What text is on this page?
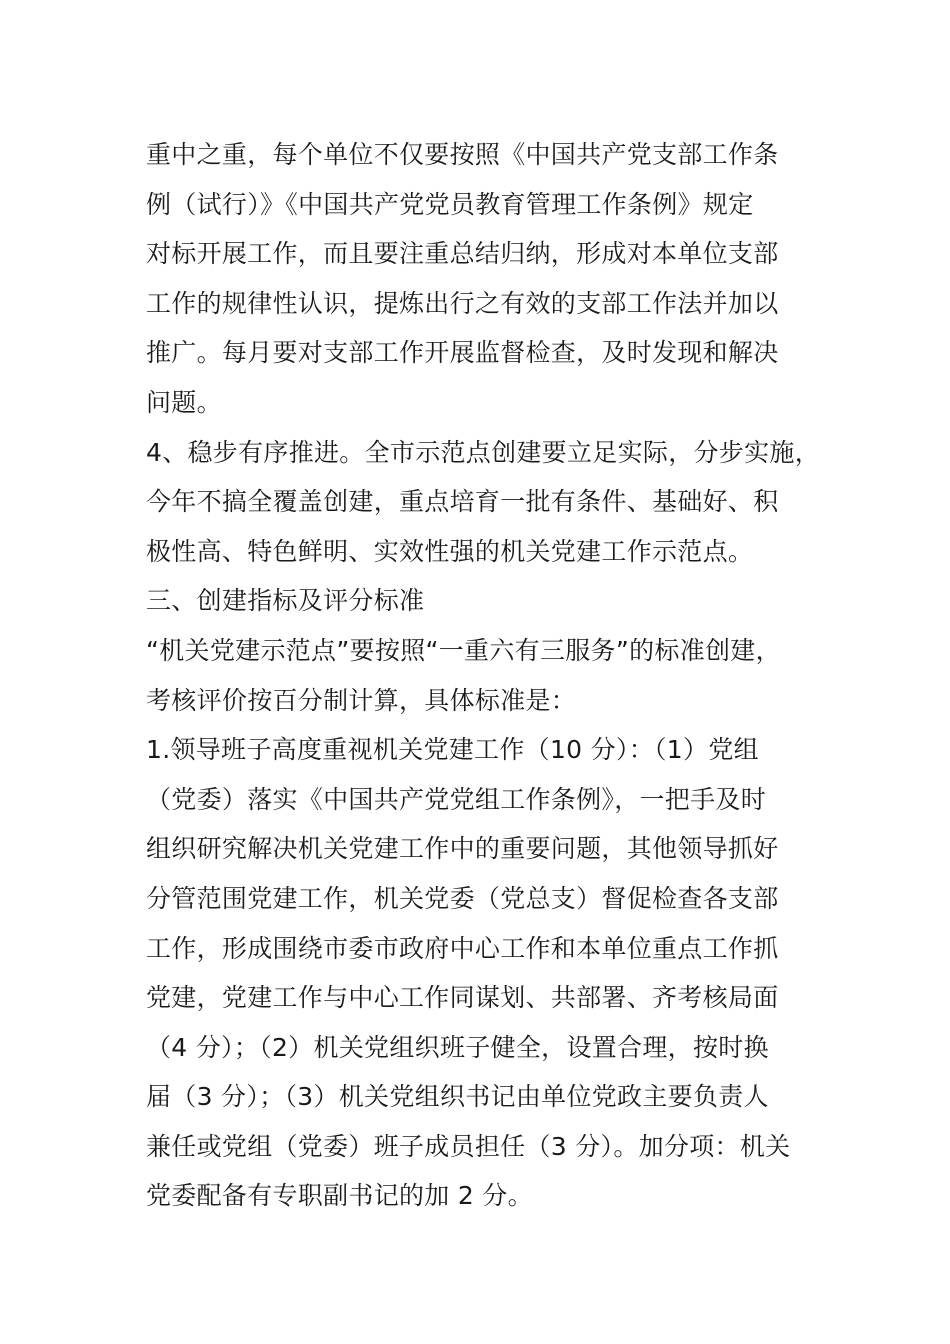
重中之重，每个单位不仅要按照《中国共产党支部工作条
例（试行）》《中国共产党党员教育管理工作条例》规定
对标开展工作，而且要注重总结归纳，形成对本单位支部
工作的规律性认识，提炼出行之有效的支部工作法并加以
推广。每月要对支部工作开展监督检查，及时发现和解决
问题。
4、稳步有序推进。全市示范点创建要立足实际，分步实施，
今年不搞全覆盖创建，重点培育一批有条件、基础好、积
极性高、特色鲜明、实效性强的机关党建工作示范点。
三、创建指标及评分标准
“机关党建示范点”要按照“一重六有三服务”的标准创建，
考核评价按百分制计算，具体标准是：
1.领导班子高度重视机关党建工作（10 分）：（1）党组
（党委）落实《中国共产党党组工作条例》，一把手及时
组织研究解决机关党建工作中的重要问题，其他领导抓好
分管范围党建工作，机关党委（党总支）督促检查各支部
工作，形成围绕市委市政府中心工作和本单位重点工作抓
党建，党建工作与中心工作同谋划、共部署、齐考核局面
（4 分）；（2）机关党组织班子健全，设置合理，按时换
届（3 分）；（3）机关党组织书记由单位党政主要负责人
兼任或党组（党委）班子成员担任（3 分）。加分项：机关
党委配备有专职副书记的加 2 分。
